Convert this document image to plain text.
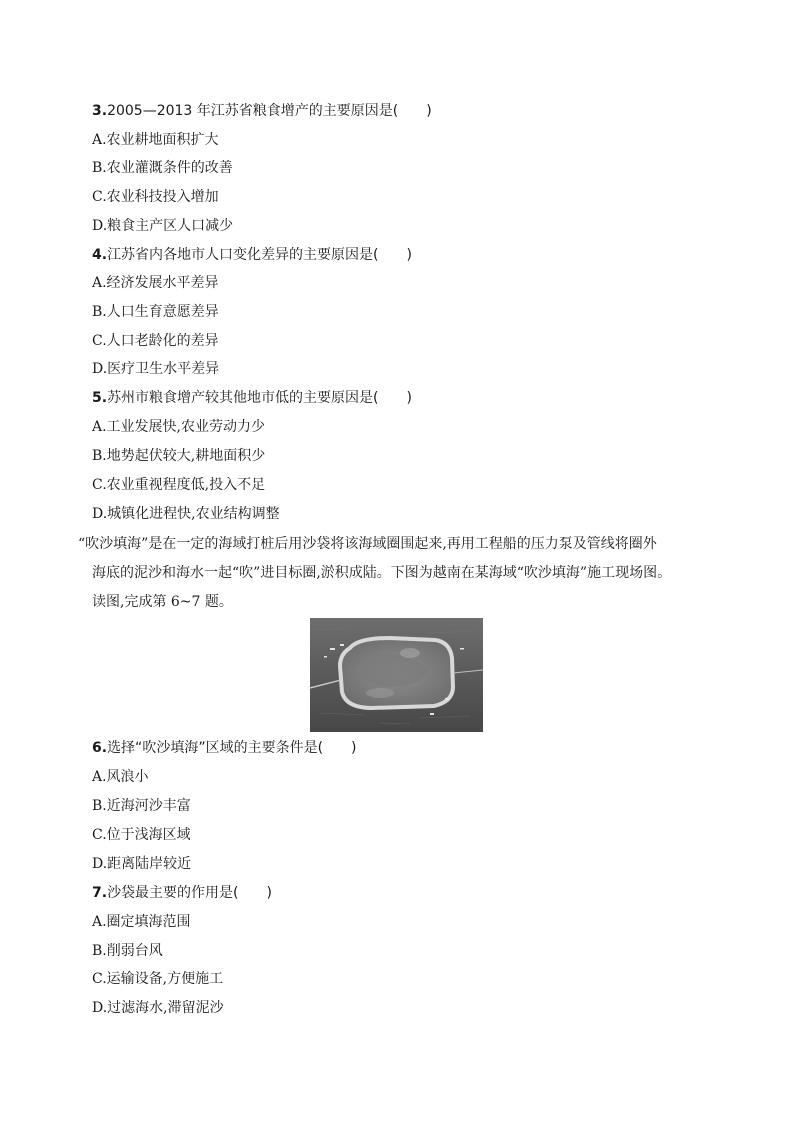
3.2005—2013 年江苏省粮食增产的主要原因是(　　)
A.农业耕地面积扩大
B.农业灌溉条件的改善
C.农业科技投入增加
D.粮食主产区人口减少
4.江苏省内各地市人口变化差异的主要原因是(　　)
A.经济发展水平差异
B.人口生育意愿差异
C.人口老龄化的差异
D.医疗卫生水平差异
5.苏州市粮食增产较其他地市低的主要原因是(　　)
A.工业发展快,农业劳动力少
B.地势起伏较大,耕地面积少
C.农业重视程度低,投入不足
D.城镇化进程快,农业结构调整
“吹沙填海”是在一定的海域打桩后用沙袋将该海域圈围起来,再用工程船的压力泵及管线将圈外
海底的泥沙和海水一起“吹”进目标圈,淤积成陆。下图为越南在某海域“吹沙填海”施工现场图。
读图,完成第 6~7 题。
6.选择“吹沙填海”区域的主要条件是(　　)
A.风浪小
B.近海河沙丰富
C.位于浅海区域
D.距离陆岸较近
7.沙袋最主要的作用是(　　)
A.圈定填海范围
B.削弱台风
C.运输设备,方便施工
D.过滤海水,滞留泥沙
